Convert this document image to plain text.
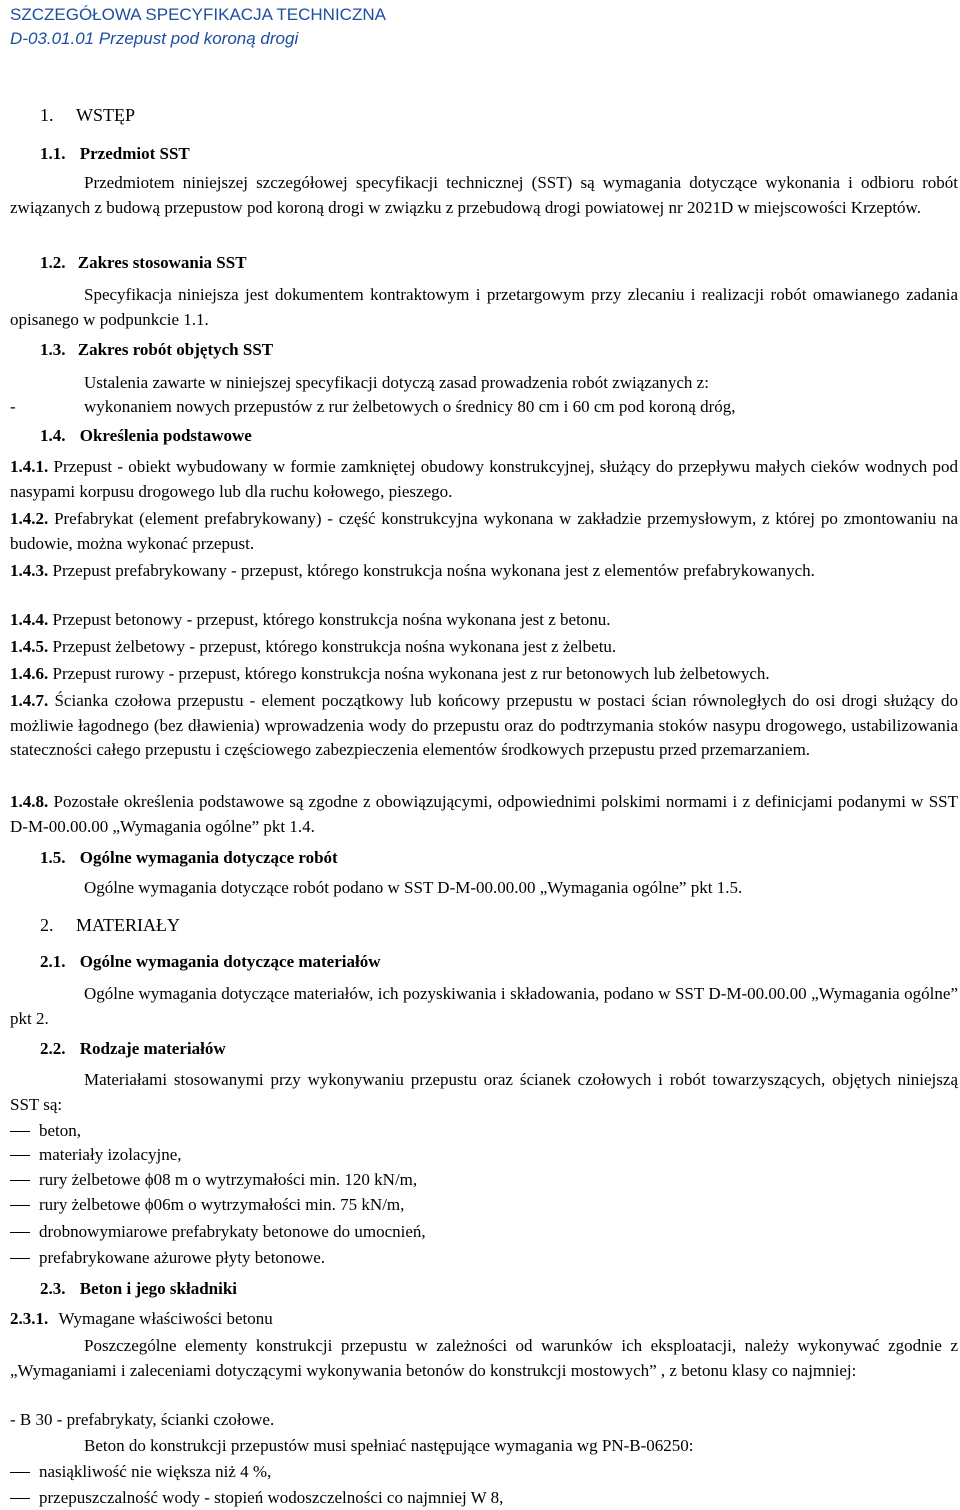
SZCZEGÓŁOWA SPECYFIKACJA TECHNICZNA
D-03.01.01 Przepust pod koroną drogi
1. WSTĘP
1.1. Przedmiot SST
Przedmiotem niniejszej szczegółowej specyfikacji technicznej (SST) są wymagania dotyczące wykonania i odbioru robót związanych z budową przepustow pod koroną drogi w związku z przebudową drogi powiatowej nr 2021D w miejscowości Krzeptów.
1.2. Zakres stosowania SST
Specyfikacja niniejsza jest dokumentem kontraktowym i przetargowym przy zlecaniu i realizacji robót omawianego zadania opisanego w podpunkcie 1.1.
1.3. Zakres robót objętych SST
Ustalenia zawarte w niniejszej specyfikacji dotyczą zasad prowadzenia robót związanych z:
-	wykonaniem nowych przepustów z rur żelbetowych o średnicy 80 cm i 60 cm pod koroną dróg,
1.4. Określenia podstawowe
1.4.1. Przepust - obiekt wybudowany w formie zamkniętej obudowy konstrukcyjnej, służący do przepływu małych cieków wodnych pod nasypami korpusu drogowego lub dla ruchu kołowego, pieszego.
1.4.2. Prefabrykat (element prefabrykowany) - część konstrukcyjna wykonana w zakładzie przemysłowym, z której po zmontowaniu na budowie, można wykonać przepust.
1.4.3. Przepust prefabrykowany - przepust, którego konstrukcja nośna wykonana jest z elementów prefabrykowanych.
1.4.4. Przepust betonowy - przepust, którego konstrukcja nośna wykonana jest z betonu.
1.4.5. Przepust żelbetowy - przepust, którego konstrukcja nośna wykonana jest z żelbetu.
1.4.6. Przepust rurowy - przepust, którego konstrukcja nośna wykonana jest z rur betonowych lub żelbetowych.
1.4.7. Ścianka czołowa przepustu - element początkowy lub końcowy przepustu w postaci ścian równoległych do osi drogi służący do możliwie łagodnego (bez dławienia) wprowadzenia wody do przepustu oraz do podtrzymania stoków nasypu drogowego, ustabilizowania stateczności całego przepustu i częściowego zabezpieczenia elementów środkowych przepustu przed przemarzaniem.
1.4.8. Pozostałe określenia podstawowe są zgodne z obowiązującymi, odpowiednimi polskimi normami i z definicjami podanymi w SST D-M-00.00.00 „Wymagania ogólne” pkt 1.4.
1.5. Ogólne wymagania dotyczące robót
Ogólne wymagania dotyczące robót podano w SST D-M-00.00.00 „Wymagania ogólne” pkt 1.5.
2. MATERIAŁY
2.1. Ogólne wymagania dotyczące materiałów
Ogólne wymagania dotyczące materiałów, ich pozyskiwania i składowania, podano w SST D-M-00.00.00 „Wymagania ogólne” pkt 2.
2.2. Rodzaje materiałów
Materiałami stosowanymi przy wykonywaniu przepustu oraz ścianek czołowych i robót towarzyszących, objętych niniejszą SST są:
beton,
materiały izolacyjne,
rury żelbetowe ϕ08 m o wytrzymałości min. 120 kN/m,
rury żelbetowe ϕ06m o wytrzymałości min. 75 kN/m,
drobnowymiarowe prefabrykaty betonowe do umocnień,
prefabrykowane ażurowe płyty betonowe.
2.3. Beton i jego składniki
2.3.1. Wymagane właściwości betonu
Poszczególne elementy konstrukcji przepustu w zależności od warunków ich eksploatacji, należy wykonywać zgodnie z „Wymaganiami i zaleceniami dotyczącymi wykonywania betonów do konstrukcji mostowych” , z betonu klasy co najmniej:
- B 30 - prefabrykaty, ścianki czołowe.
Beton do konstrukcji przepustów musi spełniać następujące wymagania wg PN-B-06250:
nasiąkliwość nie większa niż 4 %,
przepuszczalność wody - stopień wodoszczelności co najmniej W 8,
